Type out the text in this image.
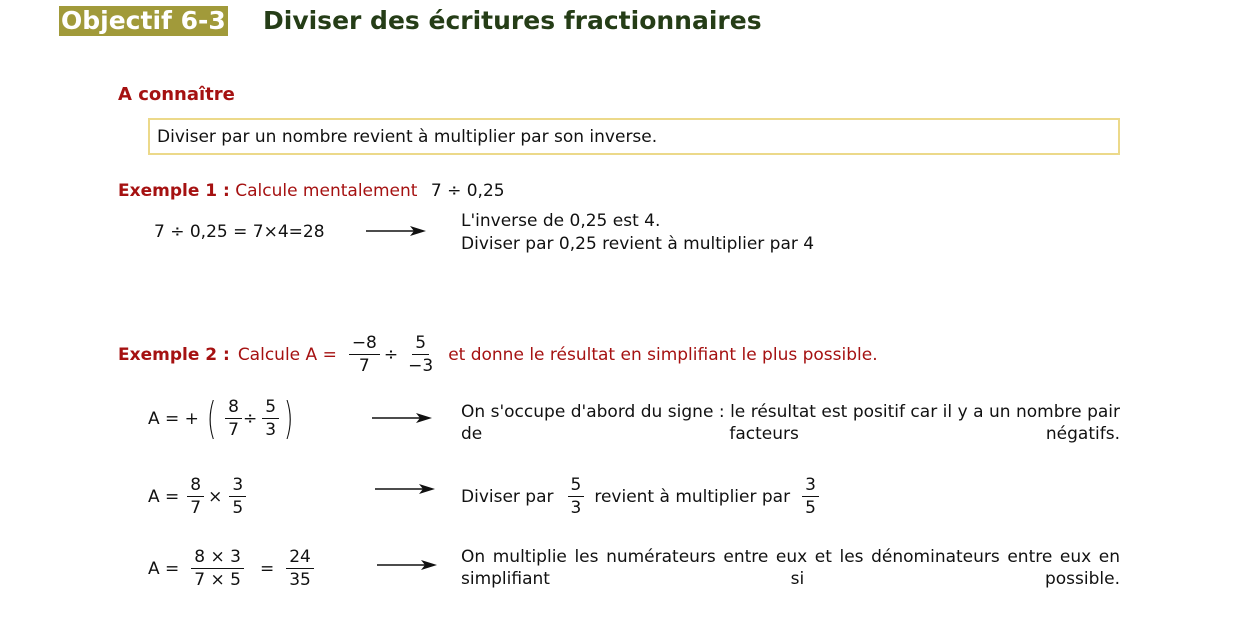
Objectif 6-3 Diviser des écritures fractionnaires
A connaître
Diviser par un nombre revient à multiplier par son inverse.
Exemple 1 : Calcule mentalement 7 ÷ 0,25
7 ÷ 0,25 = 7×4=28
L'inverse de 0,25 est 4.
Diviser par 0,25 revient à multiplier par 4
Exemple 2 : Calcule $A = \frac{-8}{7} \div \frac{5}{-3}$ et donne le résultat en simplifiant le plus possible.
A = + ( $\frac{8}{7} \div \frac{5}{3}$ )	On s'occupe d'abord du signe : le résultat est positif car il y a un nombre pair de facteurs négatifs.
$A = \frac{8}{7} \times \frac{3}{5}$	Diviser par $\frac{5}{3}$ revient à multiplier par $\frac{3}{5}$
$A = \frac{8 \times 3}{7 \times 5} = \frac{24}{35}$	On multiplie les numérateurs entre eux et les dénominateurs entre eux en simplifiant si possible.
